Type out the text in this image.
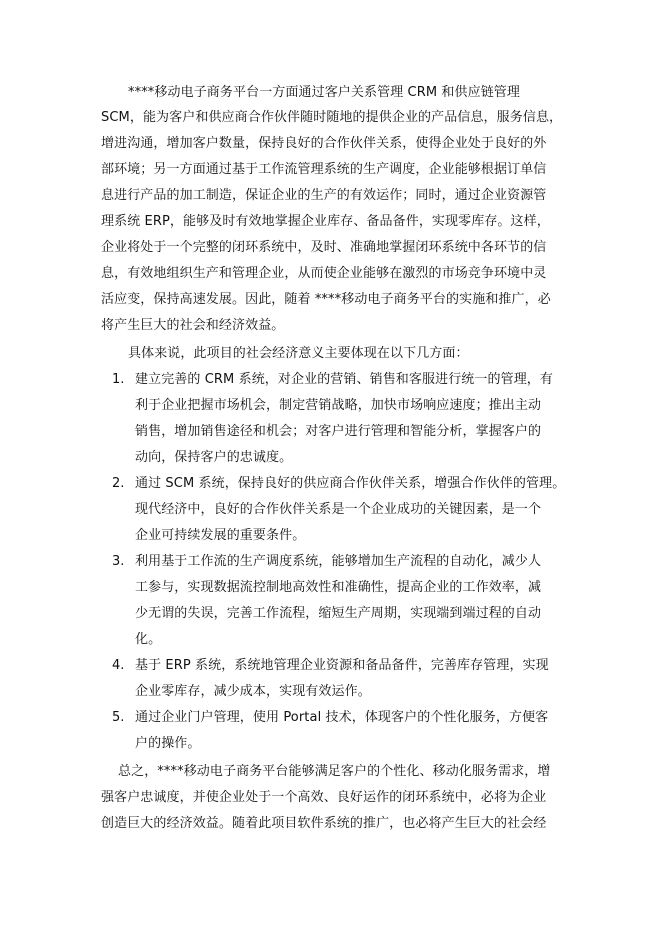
****移动电子商务平台一方面通过客户关系管理 CRM 和供应链管理
SCM，能为客户和供应商合作伙伴随时随地的提供企业的产品信息，服务信息，
增进沟通，增加客户数量，保持良好的合作伙伴关系，使得企业处于良好的外
部环境；另一方面通过基于工作流管理系统的生产调度，企业能够根据订单信
息进行产品的加工制造，保证企业的生产的有效运作；同时，通过企业资源管
理系统 ERP，能够及时有效地掌握企业库存、备品备件，实现零库存。这样，
企业将处于一个完整的闭环系统中，及时、准确地掌握闭环系统中各环节的信
息，有效地组织生产和管理企业，从而使企业能够在激烈的市场竞争环境中灵
活应变，保持高速发展。因此，随着 ****移动电子商务平台的实施和推广，必
将产生巨大的社会和经济效益。
具体来说，此项目的社会经济意义主要体现在以下几方面：
1. 建立完善的 CRM 系统，对企业的营销、销售和客服进行统一的管理，有
利于企业把握市场机会，制定营销战略，加快市场响应速度；推出主动
销售，增加销售途径和机会；对客户进行管理和智能分析，掌握客户的
动向，保持客户的忠诚度。
2. 通过 SCM 系统，保持良好的供应商合作伙伴关系，增强合作伙伴的管理。
现代经济中，良好的合作伙伴关系是一个企业成功的关键因素，是一个
企业可持续发展的重要条件。
3. 利用基于工作流的生产调度系统，能够增加生产流程的自动化，减少人
工参与，实现数据流控制地高效性和准确性，提高企业的工作效率，减
少无谓的失误，完善工作流程，缩短生产周期，实现端到端过程的自动
化。
4. 基于 ERP 系统，系统地管理企业资源和备品备件，完善库存管理，实现
企业零库存，减少成本，实现有效运作。
5. 通过企业门户管理，使用 Portal 技术，体现客户的个性化服务，方便客
户的操作。
总之，****移动电子商务平台能够满足客户的个性化、移动化服务需求，增
强客户忠诚度，并使企业处于一个高效、良好运作的闭环系统中，必将为企业
创造巨大的经济效益。随着此项目软件系统的推广，也必将产生巨大的社会经
